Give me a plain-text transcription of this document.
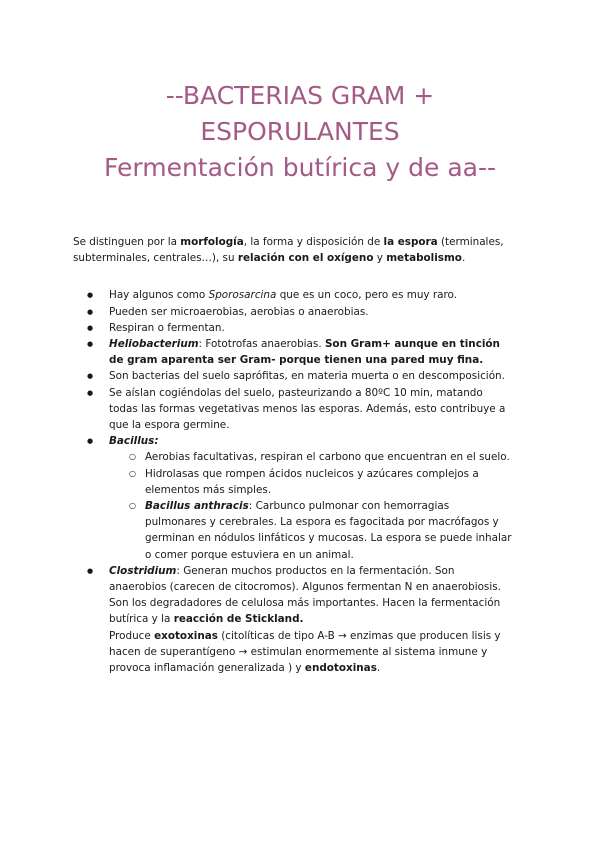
--BACTERIAS GRAM +
ESPORULANTES
Fermentación butírica y de aa--

Se distinguen por la morfología, la forma y disposición de la espora (terminales, subterminales, centrales…), su relación con el oxígeno y metabolismo.

● Hay algunos como Sporosarcina que es un coco, pero es muy raro.
● Pueden ser microaerobias, aerobias o anaerobias.
● Respiran o fermentan.
● Heliobacterium: Fototrofas anaerobias. Son Gram+ aunque en tinción de gram aparenta ser Gram- porque tienen una pared muy fina.
● Son bacterias del suelo saprófitas, en materia muerta o en descomposición.
● Se aíslan cogiéndolas del suelo, pasteurizando a 80ºC 10 min, matando todas las formas vegetativas menos las esporas. Además, esto contribuye a que la espora germine.
● Bacillus:
○ Aerobias facultativas, respiran el carbono que encuentran en el suelo.
○ Hidrolasas que rompen ácidos nucleicos y azúcares complejos a elementos más simples.
○ Bacillus anthracis: Carbunco pulmonar con hemorragias pulmonares y cerebrales. La espora es fagocitada por macrófagos y germinan en nódulos linfáticos y mucosas. La espora se puede inhalar o comer porque estuviera en un animal.
● Clostridium: Generan muchos productos en la fermentación. Son anaerobios (carecen de citocromos). Algunos fermentan N en anaerobiosis. Son los degradadores de celulosa más importantes. Hacen la fermentación butírica y la reacción de Stickland.
Produce exotoxinas (citolíticas de tipo A-B → enzimas que producen lisis y hacen de superantígeno → estimulan enormemente al sistema inmune y provoca inflamación generalizada ) y endotoxinas.
